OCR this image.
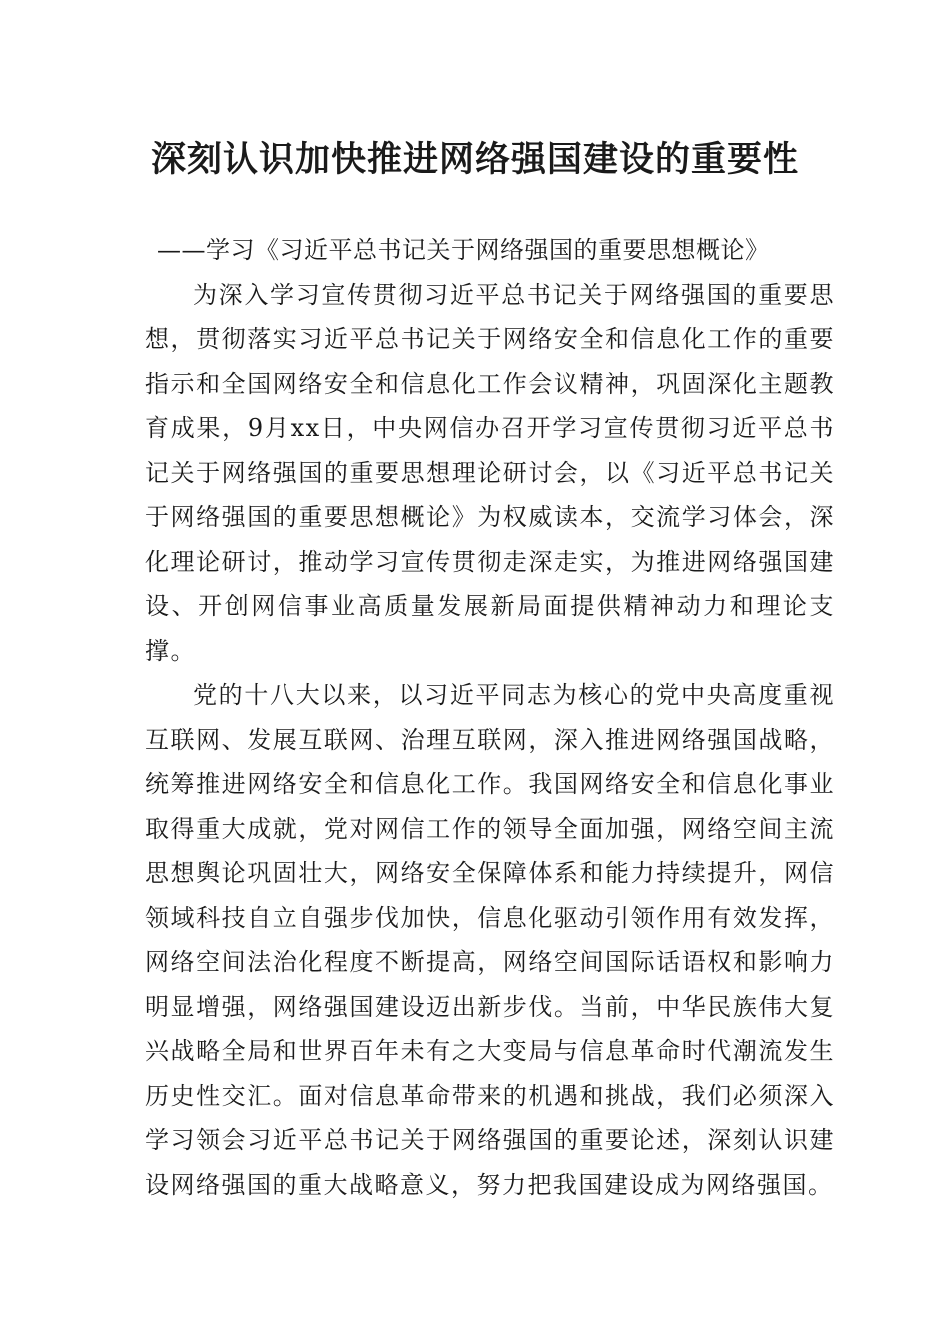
深刻认识加快推进网络强国建设的重要性

——学习《习近平总书记关于网络强国的重要思想概论》

为深入学习宣传贯彻习近平总书记关于网络强国的重要思想，贯彻落实习近平总书记关于网络安全和信息化工作的重要指示和全国网络安全和信息化工作会议精神，巩固深化主题教育成果，9月xx日，中央网信办召开学习宣传贯彻习近平总书记关于网络强国的重要思想理论研讨会，以《习近平总书记关于网络强国的重要思想概论》为权威读本，交流学习体会，深化理论研讨，推动学习宣传贯彻走深走实，为推进网络强国建设、开创网信事业高质量发展新局面提供精神动力和理论支撑。

党的十八大以来，以习近平同志为核心的党中央高度重视互联网、发展互联网、治理互联网，深入推进网络强国战略，统筹推进网络安全和信息化工作。我国网络安全和信息化事业取得重大成就，党对网信工作的领导全面加强，网络空间主流思想舆论巩固壮大，网络安全保障体系和能力持续提升，网信领域科技自立自强步伐加快，信息化驱动引领作用有效发挥，网络空间法治化程度不断提高，网络空间国际话语权和影响力明显增强，网络强国建设迈出新步伐。当前，中华民族伟大复兴战略全局和世界百年未有之大变局与信息革命时代潮流发生历史性交汇。面对信息革命带来的机遇和挑战，我们必须深入学习领会习近平总书记关于网络强国的重要论述，深刻认识建设网络强国的重大战略意义，努力把我国建设成为网络强国。
